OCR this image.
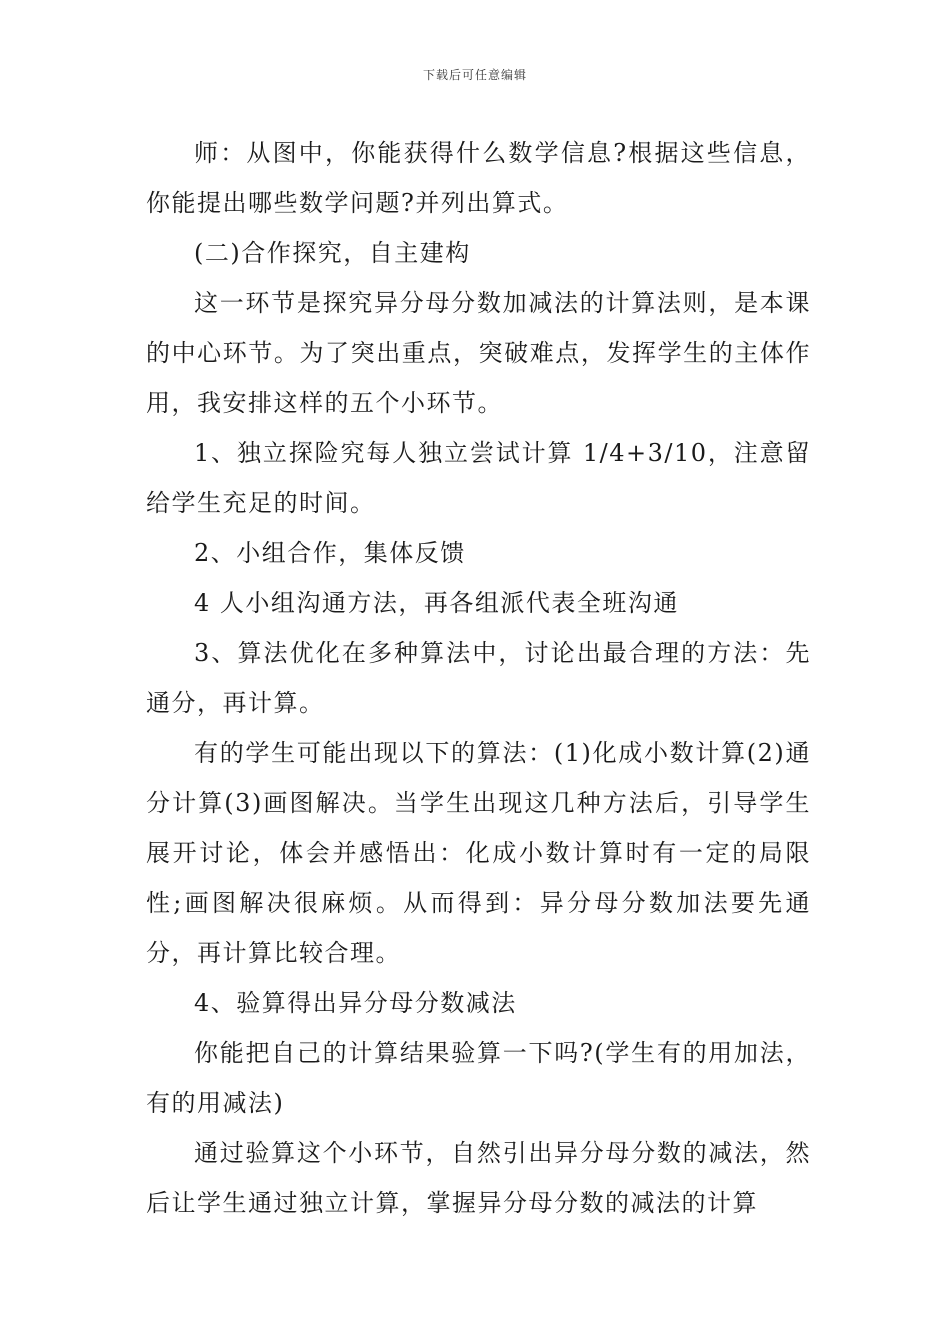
下载后可任意编辑

师：从图中，你能获得什么数学信息?根据这些信息，你能提出哪些数学问题?并列出算式。

(二)合作探究，自主建构

这一环节是探究异分母分数加减法的计算法则，是本课的中心环节。为了突出重点，突破难点，发挥学生的主体作用，我安排这样的五个小环节。

1、独立探险究每人独立尝试计算 1/4+3/10，注意留给学生充足的时间。

2、小组合作，集体反馈

4 人小组沟通方法，再各组派代表全班沟通

3、算法优化在多种算法中，讨论出最合理的方法：先通分，再计算。

有的学生可能出现以下的算法：(1)化成小数计算(2)通分计算(3)画图解决。当学生出现这几种方法后，引导学生展开讨论，体会并感悟出：化成小数计算时有一定的局限性;画图解决很麻烦。从而得到：异分母分数加法要先通分，再计算比较合理。

4、验算得出异分母分数减法

你能把自己的计算结果验算一下吗?(学生有的用加法，有的用减法)

通过验算这个小环节，自然引出异分母分数的减法，然后让学生通过独立计算，掌握异分母分数的减法的计算
